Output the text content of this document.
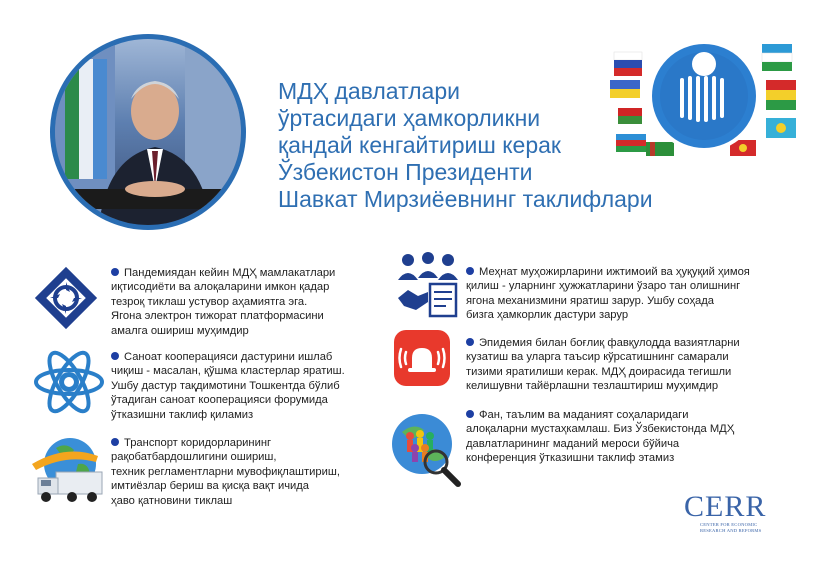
МДҲ давлатлари
ўртасидаги ҳамкорликни
қандай кенгайтириш керак
Ўзбекистон Президенти
Шавкат Мирзиёевнинг таклифлари
Пандемиядан кейин МДҲ мамлакатлари
иқтисодиёти ва алоқаларини имкон қадар
тезроқ тиклаш устувор аҳамиятга эга.
Ягона электрон тижорат платформасини
амалга ошириш муҳимдир
Саноат кооперацияси дастурини ишлаб
чиқиш - масалан, қўшма кластерлар яратиш.
Ушбу дастур тақдимотини Тошкентда бўлиб
ўтадиган саноат кооперацияси форумида
ўтказишни таклиф қиламиз
Транспорт коридорларининг
рақобатбардошлигини ошириш,
техник регламентларни мувофиқлаштириш,
имтиёзлар бериш ва қисқа вақт ичида
ҳаво қатновини тиклаш
Меҳнат муҳожирларини ижтимоий ва ҳуқуқий ҳимоя
қилиш - уларнинг ҳужжатларини ўзаро тан олишнинг
ягона механизмини яратиш зарур. Ушбу соҳада
бизга ҳамкорлик дастури зарур
Эпидемия билан боғлиқ фавқулодда вазиятларни
кузатиш ва уларга таъсир кўрсатишнинг самарали
тизими яратилиши керак. МДҲ доирасида тегишли
келишувни тайёрлашни тезлаштириш муҳимдир
Фан, таълим ва маданият соҳаларидаги
алоқаларни мустаҳкамлаш. Биз Ўзбекистонда МДҲ
давлатларининг маданий мероси бўйича
конференция ўтказишни таклиф этамиз
CERR
CENTER FOR ECONOMIC
RESEARCH AND REFORMS
